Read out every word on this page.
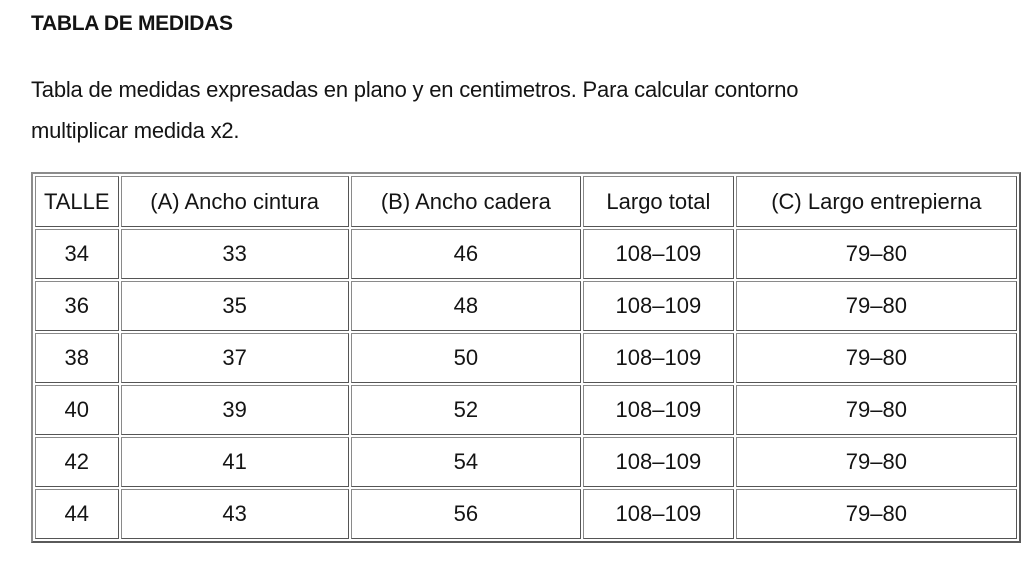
TABLA DE MEDIDAS

Tabla de medidas expresadas en plano y en centimetros. Para calcular contorno multiplicar medida x2.

TALLE	(A) Ancho cintura	(B) Ancho cadera	Largo total	(C) Largo entrepierna
34	33	46	108–109	79–80
36	35	48	108–109	79–80
38	37	50	108–109	79–80
40	39	52	108–109	79–80
42	41	54	108–109	79–80
44	43	56	108–109	79–80
